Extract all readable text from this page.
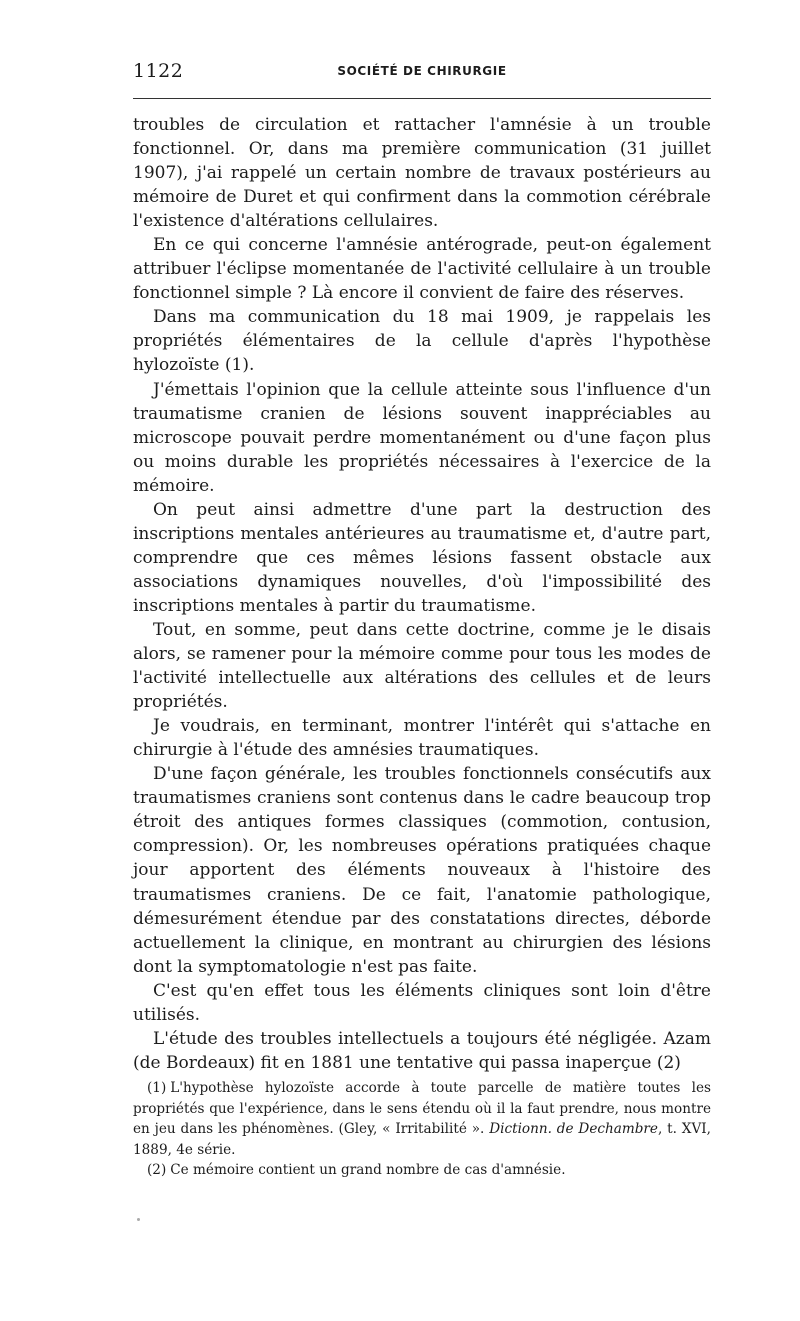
1122	SOCIÉTÉ DE CHIRURGIE

troubles de circulation et rattacher l'amnésie à un trouble fonctionnel. Or, dans ma première communication (31 juillet 1907), j'ai rappelé un certain nombre de travaux postérieurs au mémoire de Duret et qui confirment dans la commotion cérébrale l'existence d'altérations cellulaires.

En ce qui concerne l'amnésie antérograde, peut-on également attribuer l'éclipse momentanée de l'activité cellulaire à un trouble fonctionnel simple ? Là encore il convient de faire des réserves.

Dans ma communication du 18 mai 1909, je rappelais les propriétés élémentaires de la cellule d'après l'hypothèse hylozoïste (1).

J'émettais l'opinion que la cellule atteinte sous l'influence d'un traumatisme cranien de lésions souvent inappréciables au microscope pouvait perdre momentanément ou d'une façon plus ou moins durable les propriétés nécessaires à l'exercice de la mémoire.

On peut ainsi admettre d'une part la destruction des inscriptions mentales antérieures au traumatisme et, d'autre part, comprendre que ces mêmes lésions fassent obstacle aux associations dynamiques nouvelles, d'où l'impossibilité des inscriptions mentales à partir du traumatisme.

Tout, en somme, peut dans cette doctrine, comme je le disais alors, se ramener pour la mémoire comme pour tous les modes de l'activité intellectuelle aux altérations des cellules et de leurs propriétés.

Je voudrais, en terminant, montrer l'intérêt qui s'attache en chirurgie à l'étude des amnésies traumatiques.

D'une façon générale, les troubles fonctionnels consécutifs aux traumatismes craniens sont contenus dans le cadre beaucoup trop étroit des antiques formes classiques (commotion, contusion, compression). Or, les nombreuses opérations pratiquées chaque jour apportent des éléments nouveaux à l'histoire des traumatismes craniens. De ce fait, l'anatomie pathologique, démesurément étendue par des constatations directes, déborde actuellement la clinique, en montrant au chirurgien des lésions dont la symptomatologie n'est pas faite.

C'est qu'en effet tous les éléments cliniques sont loin d'être utilisés.

L'étude des troubles intellectuels a toujours été négligée. Azam (de Bordeaux) fit en 1881 une tentative qui passa inaperçue (2)

(1) L'hypothèse hylozoïste accorde à toute parcelle de matière toutes les propriétés que l'expérience, dans le sens étendu où il la faut prendre, nous montre en jeu dans les phénomènes. (Gley, « Irritabilité ». Dictionn. de Dechambre, t. XVI, 1889, 4e série.

(2) Ce mémoire contient un grand nombre de cas d'amnésie.
